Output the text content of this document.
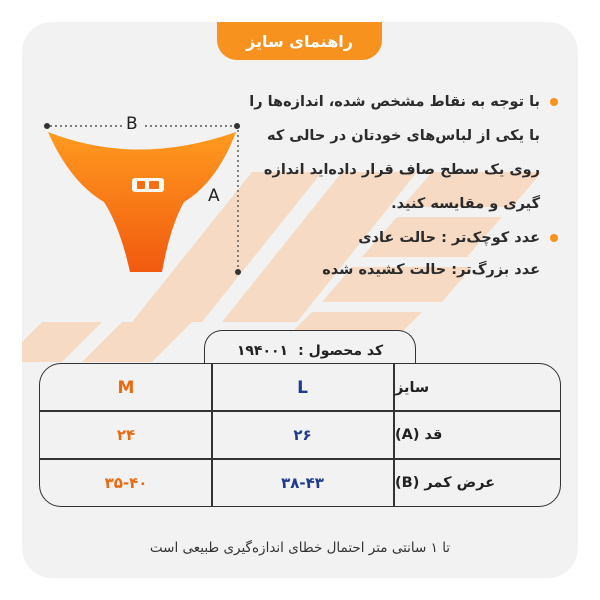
راهنمای سایز
B
A
با توجه به نقاط مشخص شده، اندازه‌ها را با یکی از لباس‌های خودتان در حالی که روی یک سطح صاف قرار داده‌اید اندازه گیری و مقایسه کنید.
عدد کوچک‌تر : حالت عادی
عدد بزرگ‌تر: حالت کشیده شده
کد محصول :
۱۹۴۰۰۱
سایز
L
M
قد (A)
۲۶
۲۴
عرض کمر (B)
۳۸-۴۳
۳۵-۴۰
تا ۱ سانتی متر احتمال خطای اندازه‌گیری طبیعی است
